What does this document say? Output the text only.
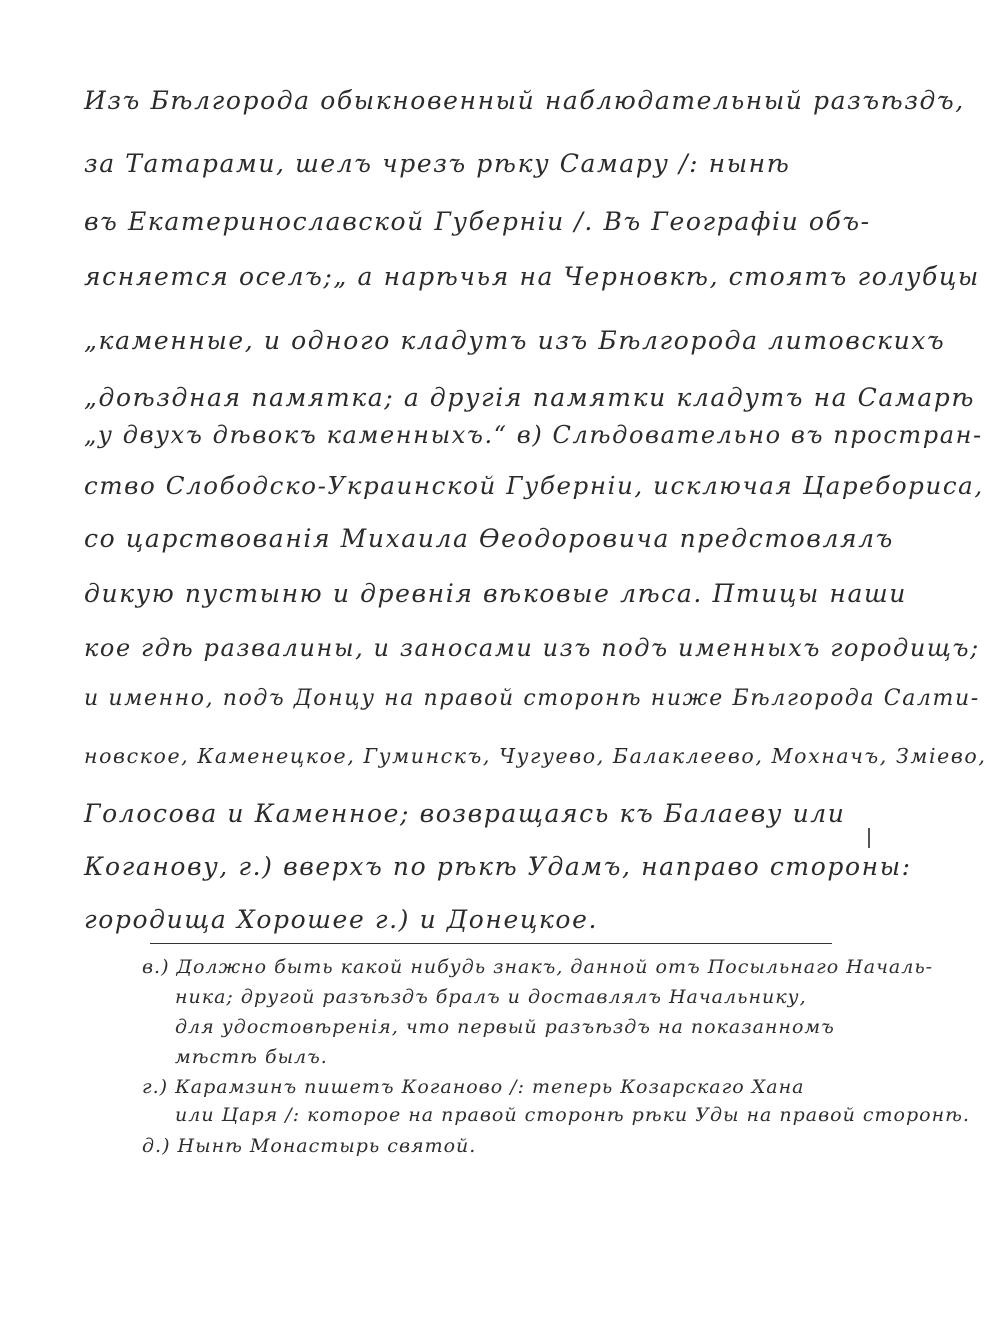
Изъ Бѣлгорода обыкновенный наблюдательный разъѣздъ,
за Татарами, шелъ чрезъ рѣку Самару /: нынѣ
въ Екатеринославской Губерніи /. Въ Географіи объ-
ясняется оселъ;„ а нарѣчья на Черновкѣ, стоятъ голубцы
„каменные, и одного кладутъ изъ Бѣлгорода литовскихъ
„доѣздная памятка; а другія памятки кладутъ на Самарѣ
„у двухъ дѣвокъ каменныхъ.“ в) Слѣдовательно въ простран-
ство Слободско-Украинской Губерніи, исключая Царебориса,
со царствованія Михаила Ѳеодоровича предстовлялъ
дикую пустыню и древнія вѣковые лѣса. Птицы наши
кое гдѣ развалины, и заносами изъ подъ именныхъ городищъ;
и именно, подъ Донцу на правой сторонѣ ниже Бѣлгорода Салти-
новское, Каменецкое, Гуминскъ, Чугуево, Балаклеево, Мохначъ, Змiево,
Голосова и Каменное; возвращаясь къ Балаеву или
Коганову, г.) вверхъ по рѣкѣ Удамъ, направо стороны:
городища Хорошее г.) и Донецкое.
в.) Должно быть какой нибудь знакъ, данной отъ Посыльнаго Началь-
ника; другой разъѣздъ бралъ и доставлялъ Начальнику,
для удостовѣренія, что первый разъѣздъ на показанномъ
мѣстѣ былъ.
г.) Карамзинъ пишетъ Коганово /: теперь Козарскаго Хана
или Царя /: которое на правой сторонѣ рѣки Уды на правой сторонѣ.
д.) Нынѣ Монастырь святой.
